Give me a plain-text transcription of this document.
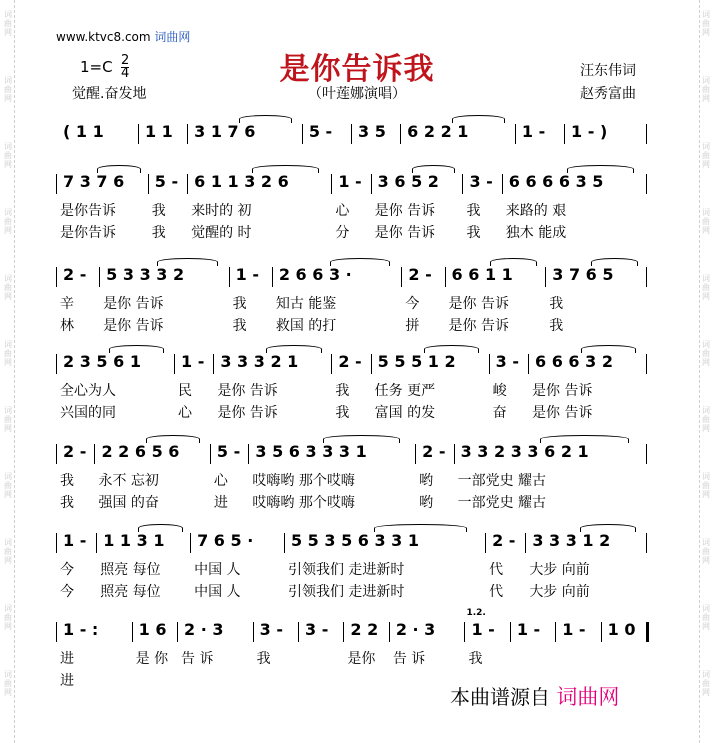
词
曲
网
词
曲
网
词
曲
网
词
曲
网
词
曲
网
词
曲
网
词
曲
网
词
曲
网
词
曲
网
词
曲
网
词
曲
网
词
曲
网
词
曲
网
词
曲
网
词
曲
网
词
曲
网
词
曲
网
词
曲
网
词
曲
网
词
曲
网
词
曲
网
词
曲
网
www.ktvc8.com 词曲网
是你告诉我
$1=C \frac{2}{4}$
觉醒.奋发地	（叶莲娜演唱）
汪东伟词
赵秀富曲
( 1 1	1 1 3 1 7 6	5 - 3 5 6 2 2 1	1 - 1 - )
7 3 7 6 5 - 6 1 1 3 2 6	1 - 3 6 5 2 3 - 6 6 6 6 3 5
是你告诉	我 来时的 初	心 是你 告诉 我 来路的 艰
是你告诉	我 觉醒的 时	分 是你 告诉 我 独木 能成
2 - 5 3 3 3 2	1 - 2 6 6 3 ·	2 - 6 6 1 1 3 7 6 5
辛 是你 告诉	我 知古 能鉴	今 是你 告诉	我
林 是你 告诉	我 救国 的打	拼 是你 告诉	我
2 3 5 6 1	1 - 3 3 3 2 1	2 - 5 5 5 1 2	3 - 6 6 6 3 2
全心为人	民 是你 告诉	我 任务 更严	峻 是你 告诉
兴国的同	心 是你 告诉	我 富国 的发	奋 是你 告诉
2 - 2 2 6 5 6 5 - 3 5 6 3 3 3 1	2 - 3 3 2 3 3 6 2 1
我 永不 忘初	心 哎嗨哟 那个哎嗨	哟 一部党史 耀古
我 强国 的奋	进 哎嗨哟 那个哎嗨	哟 一部党史 耀古
1 - 1 1 3 1 7 6 5 · 5 5 3 5 6 3 3 1	2 - 3 3 3 1 2
今 照亮 每位 中国 人	引领我们 走进新时	代 大步 向前
今 照亮 每位 中国 人	引领我们 走进新时	代 大步 向前
1 - :	1 6 2 · 3 3 - 3 - 2 2 2 · 3 1 - 1 - 1 - 1 0
1.2.
进	是 你 告 诉	我	是你 告 诉	我
进
本曲谱源自 词曲网
